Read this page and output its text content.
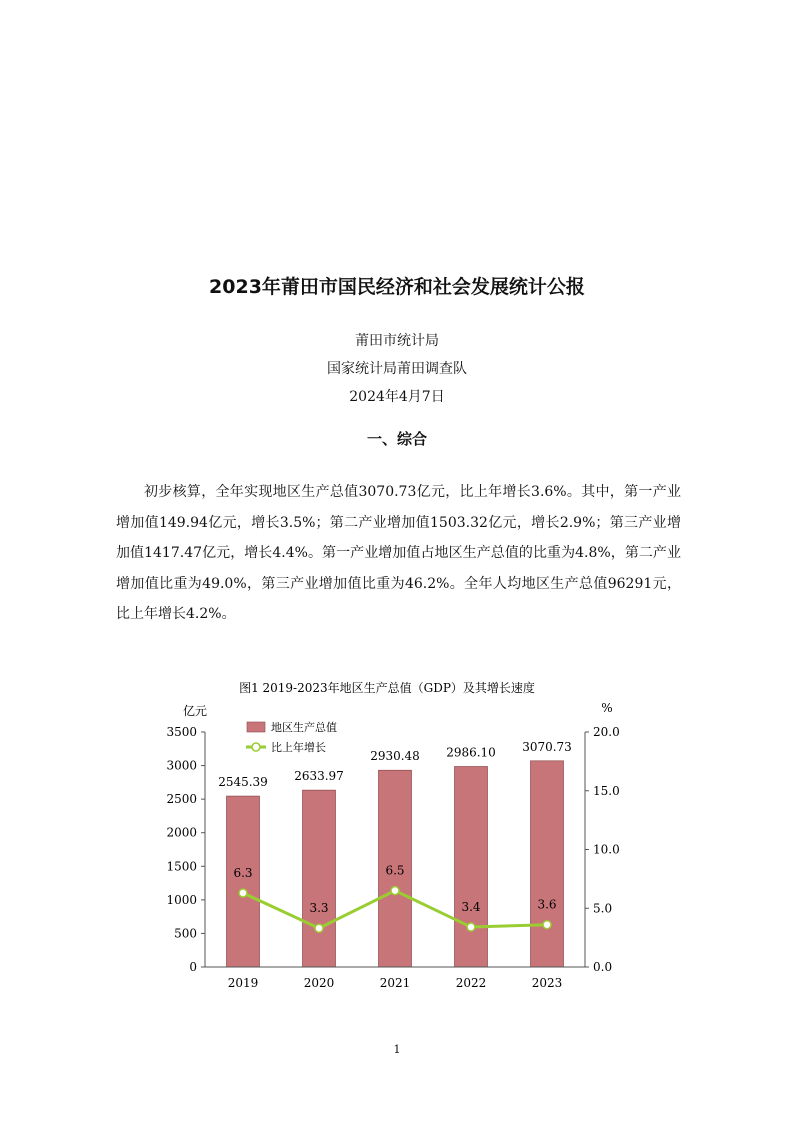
2023年莆田市国民经济和社会发展统计公报
莆田市统计局
国家统计局莆田调查队
2024年4月7日
一、综合

初步核算，全年实现地区生产总值3070.73亿元，比上年增长3.6%。其中，第一产业增加值149.94亿元，增长3.5%；第二产业增加值1503.32亿元，增长2.9%；第三产业增加值1417.47亿元，增长4.4%。第一产业增加值占地区生产总值的比重为4.8%，第二产业增加值比重为49.0%，第三产业增加值比重为46.2%。全年人均地区生产总值96291元，比上年增长4.2%。

图1 2019-2023年地区生产总值（GDP）及其增长速度
亿元	%
2545.39 2633.97
2930.48 2986.10 3070.73
6.3
3.3
6.5
3.4	3.6
0
500
1000
1500
2000
2500
3000
3500
0.0
5.0
10.0
15.0
20.0
2019	2020	2021	2022	2023
地区生产总值
比上年增长
1
